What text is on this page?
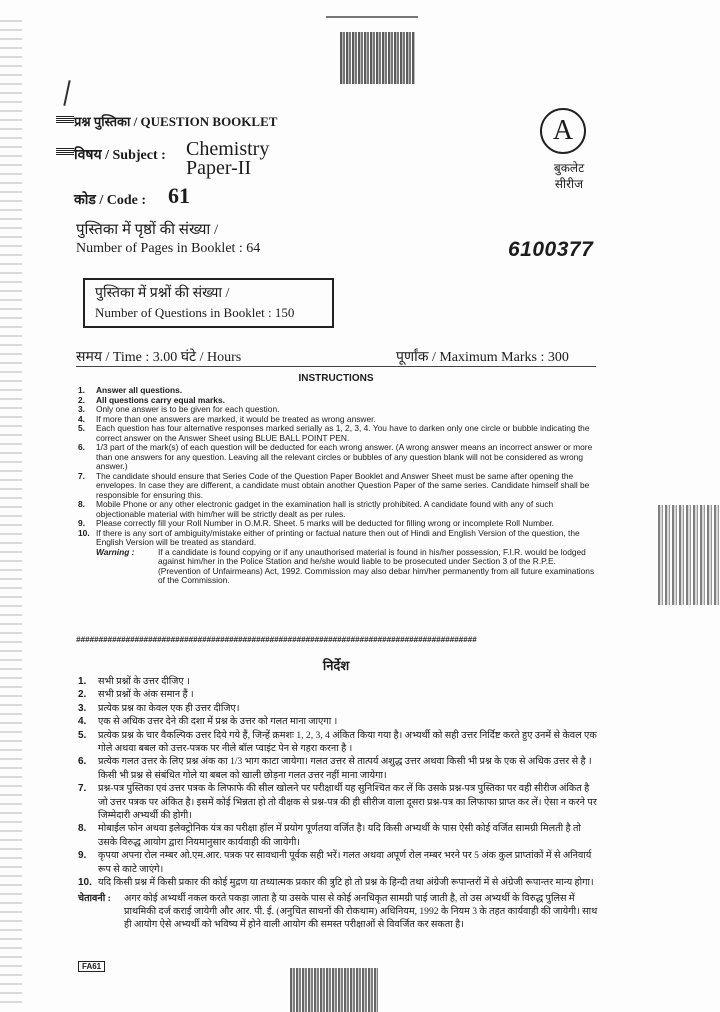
प्रश्न पुस्तिका / QUESTION BOOKLET
विषय / Subject : Chemistry
Paper-II
कोड / Code : 61
A
बुकलेट सीरीज
पुस्तिका में पृष्ठों की संख्या /
Number of Pages in Booklet : 64	6100377
पुस्तिका में प्रश्नों की संख्या /
Number of Questions in Booklet : 150
समय / Time : 3.00 घंटे / Hours	पूर्णांक / Maximum Marks : 300
INSTRUCTIONS
1.	Answer all questions.
2.	All questions carry equal marks.
3.	Only one answer is to be given for each question.
4.	If more than one answers are marked, it would be treated as wrong answer.
5.	Each question has four alternative responses marked serially as 1, 2, 3, 4. You have to darken only one circle or bubble indicating the correct answer on the Answer Sheet using BLUE BALL POINT PEN.
6.	1/3 part of the mark(s) of each question will be deducted for each wrong answer. (A wrong answer means an incorrect answer or more than one answers for any question. Leaving all the relevant circles or bubbles of any question blank will not be considered as wrong answer.)
7.	The candidate should ensure that Series Code of the Question Paper Booklet and Answer Sheet must be same after opening the envelopes. In case they are different, a candidate must obtain another Question Paper of the same series. Candidate himself shall be responsible for ensuring this.
8.	Mobile Phone or any other electronic gadget in the examination hall is strictly prohibited. A candidate found with any of such objectionable material with him/her will be strictly dealt as per rules.
9.	Please correctly fill your Roll Number in O.M.R. Sheet. 5 marks will be deducted for filling wrong or incomplete Roll Number.
10. If there is any sort of ambiguity/mistake either of printing or factual nature then out of Hindi and English Version of the question, the English Version will be treated as standard.
Warning :	If a candidate is found copying or if any unauthorised material is found in his/her possession, F.I.R. would be lodged against him/her in the Police Station and he/she would liable to be prosecuted under Section 3 of the R.P.E. (Prevention of Unfairmeans) Act, 1992. Commission may also debar him/her permanently from all future examinations of the Commission.
#########################################################################################
निर्देश
1.	सभी प्रश्नों के उत्तर दीजिए ।
2.	सभी प्रश्नों के अंक समान हैं ।
3.	प्रत्येक प्रश्न का केवल एक ही उत्तर दीजिए।
4.	एक से अधिक उत्तर देने की दशा में प्रश्न के उत्तर को गलत माना जाएगा ।
5.	प्रत्येक प्रश्न के चार वैकल्पिक उत्तर दिये गये हैं, जिन्हें क्रमशः 1, 2, 3, 4 अंकित किया गया है। अभ्यर्थी को सही उत्तर निर्दिष्ट करते हुए उनमें से केवल एक गोले अथवा बबल को उत्तर-पत्रक पर नीले बॉल प्वाइंट पेन से गहरा करना है ।
6.	प्रत्येक गलत उत्तर के लिए प्रश्न अंक का 1/3 भाग काटा जायेगा। गलत उत्तर से तात्पर्य अशुद्ध उत्तर अथवा किसी भी प्रश्न के एक से अधिक उत्तर से है । किसी भी प्रश्न से संबंधित गोले या बबल को खाली छोड़ना गलत उत्तर नहीं माना जायेगा।
7.	प्रश्न-पत्र पुस्तिका एवं उत्तर पत्रक के लिफाफे की सील खोलने पर परीक्षार्थी यह सुनिश्चित कर लें कि उसके प्रश्न-पत्र पुस्तिका पर वही सीरीज अंकित है जो उत्तर पत्रक पर अंकित है। इसमें कोई भिन्नता हो तो वीक्षक से प्रश्न-पत्र की ही सीरीज वाला दूसरा प्रश्न-पत्र का लिफाफा प्राप्त कर लें। ऐसा न करने पर जिम्मेदारी अभ्यर्थी की होगी।
8.	मोबाईल फोन अथवा इलेक्ट्रोनिक यंत्र का परीक्षा हॉल में प्रयोग पूर्णतया वर्जित है। यदि किसी अभ्यर्थी के पास ऐसी कोई वर्जित सामग्री मिलती है तो उसके विरुद्ध आयोग द्वारा नियमानुसार कार्यवाही की जायेगी।
9.	कृपया अपना रोल नम्बर ओ.एम.आर. पत्रक पर सावधानी पूर्वक सही भरें। गलत अथवा अपूर्ण रोल नम्बर भरने पर 5 अंक कुल प्राप्तांकों में से अनिवार्य रूप से काटे जाएंगे।
10. यदि किसी प्रश्न में किसी प्रकार की कोई मुद्रण या तथ्यात्मक प्रकार की त्रुटि हो तो प्रश्न के हिन्दी तथा अंग्रेजी रूपान्तरों में से अंग्रेजी रूपान्तर मान्य होगा।
चेतावनी :	अगर कोई अभ्यर्थी नकल करते पकड़ा जाता है या उसके पास से कोई अनधिकृत सामग्री पाई जाती है, तो उस अभ्यर्थी के विरुद्ध पुलिस में प्राथमिकी दर्ज कराई जायेगी और आर. पी. ई. (अनुचित साधनों की रोकथाम) अधिनियम, 1992 के नियम 3 के तहत कार्यवाही की जायेगी। साथ ही आयोग ऐसे अभ्यर्थी को भविष्य में होने वाली आयोग की समस्त परीक्षाओं से विवर्जित कर सकता है।
FA61
